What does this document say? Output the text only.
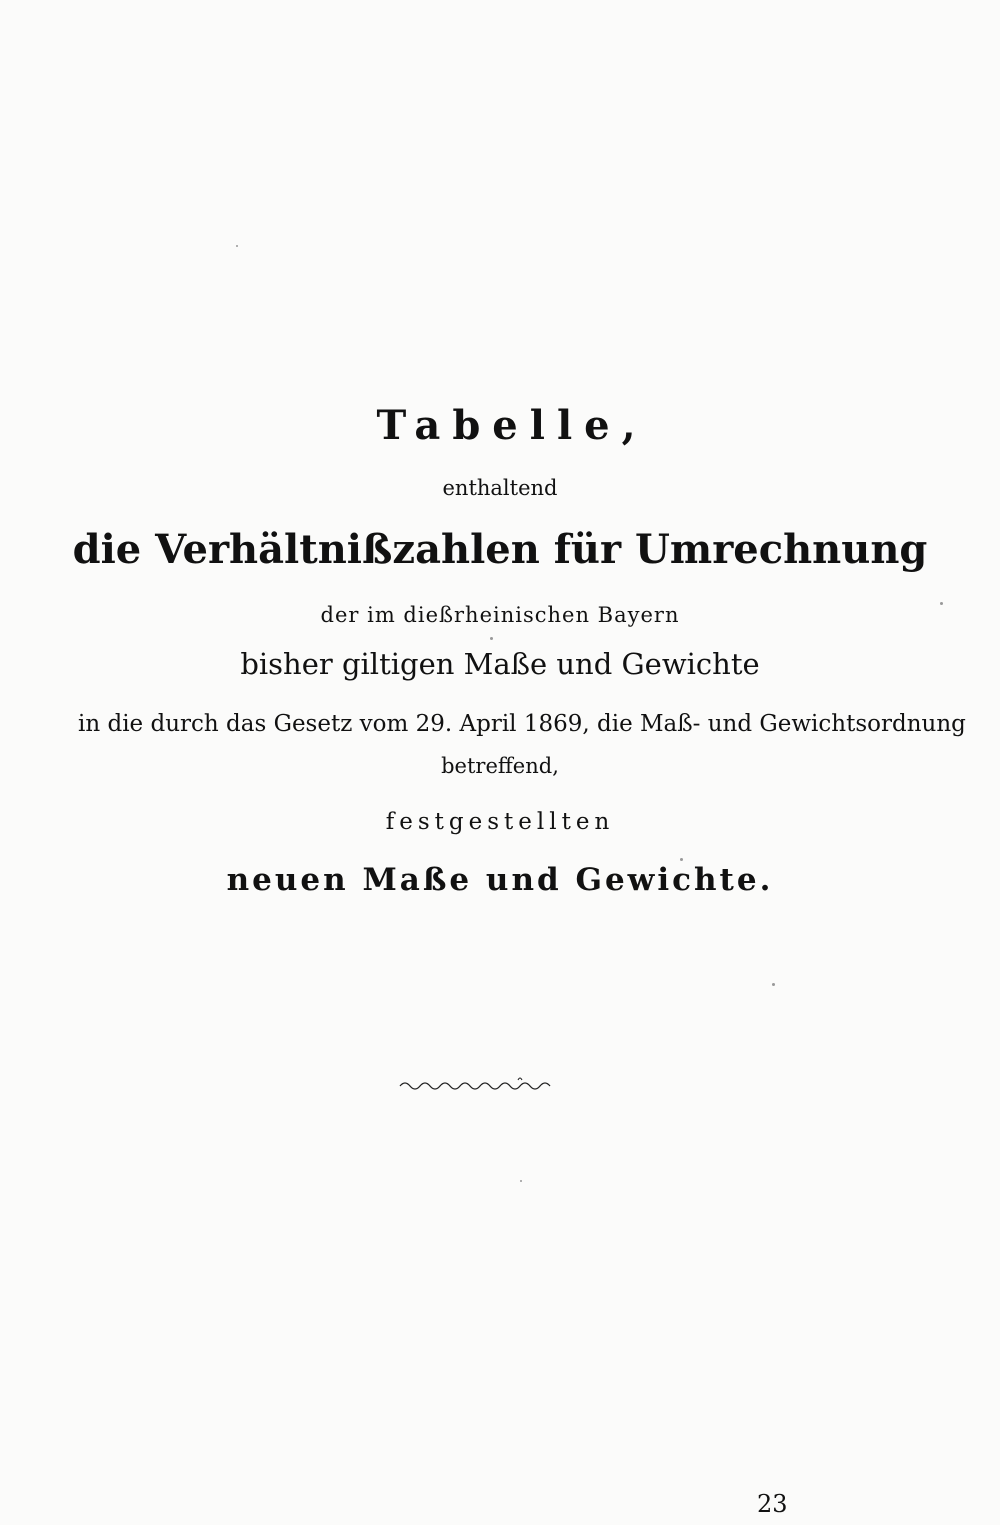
Tabelle,
enthaltend
die Verhältnißzahlen für Umrechnung
der im dießrheinischen Bayern
bisher giltigen Maße und Gewichte
in die durch das Gesetz vom 29. April 1869, die Maß- und Gewichtsordnung
betreffend,
festgestellten
neuen Maße und Gewichte.
23
